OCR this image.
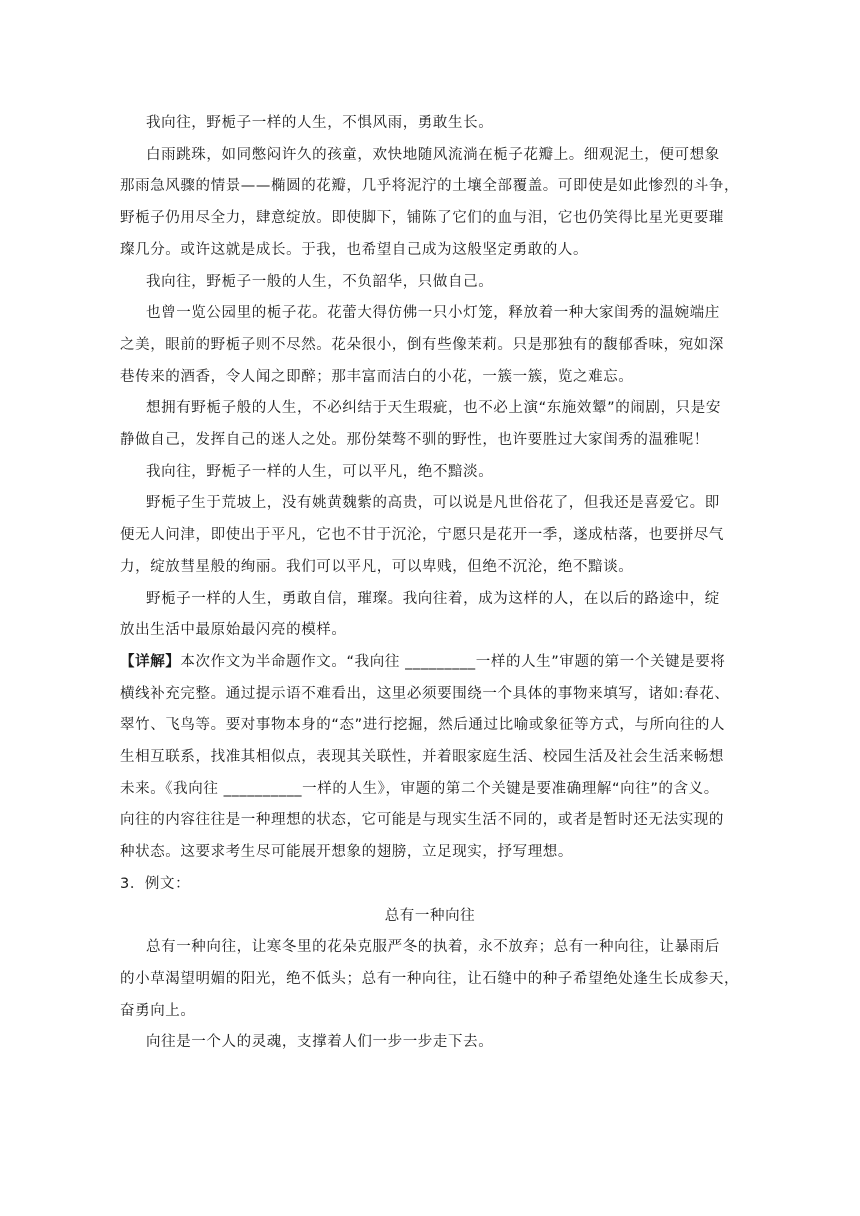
我向往，野栀子一样的人生，不惧风雨，勇敢生长。
白雨跳珠，如同憋闷许久的孩童，欢快地随风流淌在栀子花瓣上。细观泥土，便可想象
那雨急风骤的情景——椭圆的花瓣，几乎将泥泞的土壤全部覆盖。可即使是如此惨烈的斗争，
野栀子仍用尽全力，肆意绽放。即使脚下，铺陈了它们的血与泪，它也仍笑得比星光更要璀
璨几分。或许这就是成长。于我，也希望自己成为这般坚定勇敢的人。
我向往，野栀子一般的人生，不负韶华，只做自己。
也曾一览公园里的栀子花。花蕾大得仿佛一只小灯笼，释放着一种大家闺秀的温婉端庄
之美，眼前的野栀子则不尽然。花朵很小，倒有些像茉莉。只是那独有的馥郁香味，宛如深
巷传来的酒香，令人闻之即醉；那丰富而洁白的小花，一簇一簇，览之难忘。
想拥有野栀子般的人生，不必纠结于天生瑕疵，也不必上演“东施效颦”的闹剧，只是安
静做自己，发挥自己的迷人之处。那份桀骜不驯的野性，也许要胜过大家闺秀的温雅呢！
我向往，野栀子一样的人生，可以平凡，绝不黯淡。
野栀子生于荒坡上，没有姚黄魏紫的高贵，可以说是凡世俗花了，但我还是喜爱它。即
便无人问津，即使出于平凡，它也不甘于沉沦，宁愿只是花开一季，遂成枯落，也要拼尽气
力，绽放彗星般的绚丽。我们可以平凡，可以卑贱，但绝不沉沦，绝不黯谈。
野栀子一样的人生，勇敢自信，璀璨。我向往着，成为这样的人，在以后的路途中，绽
放出生活中最原始最闪亮的模样。
【详解】本次作文为半命题作文。“我向往 _________一样的人生”审题的第一个关键是要将
横线补充完整。通过提示语不难看出，这里必须要围绕一个具体的事物来填写，诸如:春花、
翠竹、飞鸟等。要对事物本身的“态”进行挖掘，然后通过比喻或象征等方式，与所向往的人
生相互联系，找准其相似点，表现其关联性，并着眼家庭生活、校园生活及社会生活来畅想
未来。《我向往 __________一样的人生》，审题的第二个关键是要准确理解“向往”的含义。
向往的内容往往是一种理想的状态，它可能是与现实生活不同的，或者是暂时还无法实现的
种状态。这要求考生尽可能展开想象的翅膀，立足现实，抒写理想。
3．例文：
总有一种向往
总有一种向往，让寒冬里的花朵克服严冬的执着，永不放弃；总有一种向往，让暴雨后
的小草渴望明媚的阳光，绝不低头；总有一种向往，让石缝中的种子希望绝处逢生长成参天，
奋勇向上。
向往是一个人的灵魂，支撑着人们一步一步走下去。
